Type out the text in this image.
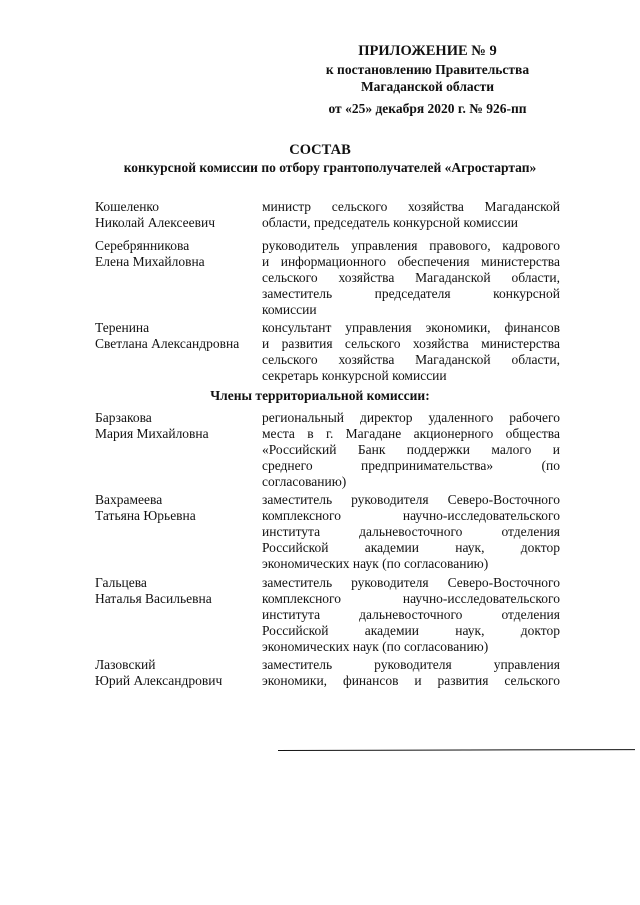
ПРИЛОЖЕНИЕ № 9
к постановлению Правительства
Магаданской области
от «25» декабря 2020 г. № 926-пп
СОСТАВ
конкурсной комиссии по отбору грантополучателей «Агростартап»
Кошеленко
Николай Алексеевич
министр сельского хозяйства Магаданской
области, председатель конкурсной комиссии
Серебрянникова
Елена Михайловна
руководитель управления правового, кадрового
и информационного обеспечения министерства
сельского хозяйства Магаданской области,
заместитель председателя конкурсной
комиссии
Теренина
Светлана Александровна
консультант управления экономики, финансов
и развития сельского хозяйства министерства
сельского хозяйства Магаданской области,
секретарь конкурсной комиссии
Члены территориальной комиссии:
Барзакова
Мария Михайловна
региональный директор удаленного рабочего
места в г. Магадане акционерного общества
«Российский Банк поддержки малого и
среднего предпринимательства» (по
согласованию)
Вахрамеева
Татьяна Юрьевна
заместитель руководителя Северо-Восточного
комплексного научно-исследовательского
института дальневосточного отделения
Российской академии наук, доктор
экономических наук (по согласованию)
Гальцева
Наталья Васильевна
заместитель руководителя Северо-Восточного
комплексного научно-исследовательского
института дальневосточного отделения
Российской академии наук, доктор
экономических наук (по согласованию)
Лазовский
Юрий Александрович
заместитель руководителя управления
экономики, финансов и развития сельского
